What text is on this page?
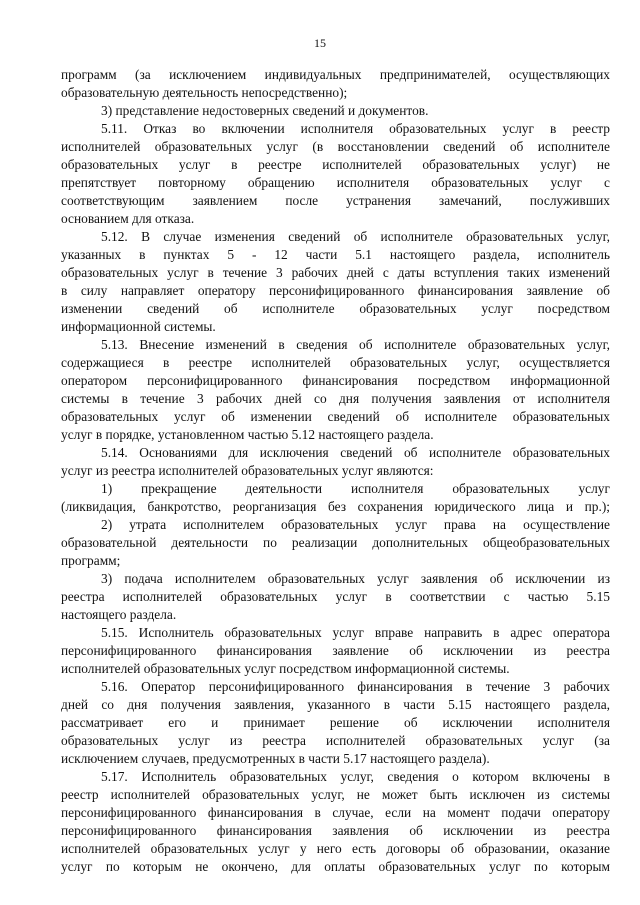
15
программ (за исключением индивидуальных предпринимателей, осуществляющих
образовательную деятельность непосредственно);
3) представление недостоверных сведений и документов.
5.11. Отказ во включении исполнителя образовательных услуг в реестр
исполнителей образовательных услуг (в восстановлении сведений об исполнителе
образовательных услуг в реестре исполнителей образовательных услуг) не
препятствует повторному обращению исполнителя образовательных услуг с
соответствующим заявлением после устранения замечаний, послуживших
основанием для отказа.
5.12. В случае изменения сведений об исполнителе образовательных услуг,
указанных в пунктах 5 - 12 части 5.1 настоящего раздела, исполнитель
образовательных услуг в течение 3 рабочих дней с даты вступления таких изменений
в силу направляет оператору персонифицированного финансирования заявление об
изменении сведений об исполнителе образовательных услуг посредством
информационной системы.
5.13. Внесение изменений в сведения об исполнителе образовательных услуг,
содержащиеся в реестре исполнителей образовательных услуг, осуществляется
оператором персонифицированного финансирования посредством информационной
системы в течение 3 рабочих дней со дня получения заявления от исполнителя
образовательных услуг об изменении сведений об исполнителе образовательных
услуг в порядке, установленном частью 5.12 настоящего раздела.
5.14. Основаниями для исключения сведений об исполнителе образовательных
услуг из реестра исполнителей образовательных услуг являются:
1) прекращение деятельности исполнителя образовательных услуг
(ликвидация, банкротство, реорганизация без сохранения юридического лица и пр.);
2) утрата исполнителем образовательных услуг права на осуществление
образовательной деятельности по реализации дополнительных общеобразовательных
программ;
3) подача исполнителем образовательных услуг заявления об исключении из
реестра исполнителей образовательных услуг в соответствии с частью 5.15
настоящего раздела.
5.15. Исполнитель образовательных услуг вправе направить в адрес оператора
персонифицированного финансирования заявление об исключении из реестра
исполнителей образовательных услуг посредством информационной системы.
5.16. Оператор персонифицированного финансирования в течение 3 рабочих
дней со дня получения заявления, указанного в части 5.15 настоящего раздела,
рассматривает его и принимает решение об исключении исполнителя
образовательных услуг из реестра исполнителей образовательных услуг (за
исключением случаев, предусмотренных в части 5.17 настоящего раздела).
5.17. Исполнитель образовательных услуг, сведения о котором включены в
реестр исполнителей образовательных услуг, не может быть исключен из системы
персонифицированного финансирования в случае, если на момент подачи оператору
персонифицированного финансирования заявления об исключении из реестра
исполнителей образовательных услуг у него есть договоры об образовании, оказание
услуг по которым не окончено, для оплаты образовательных услуг по которым
